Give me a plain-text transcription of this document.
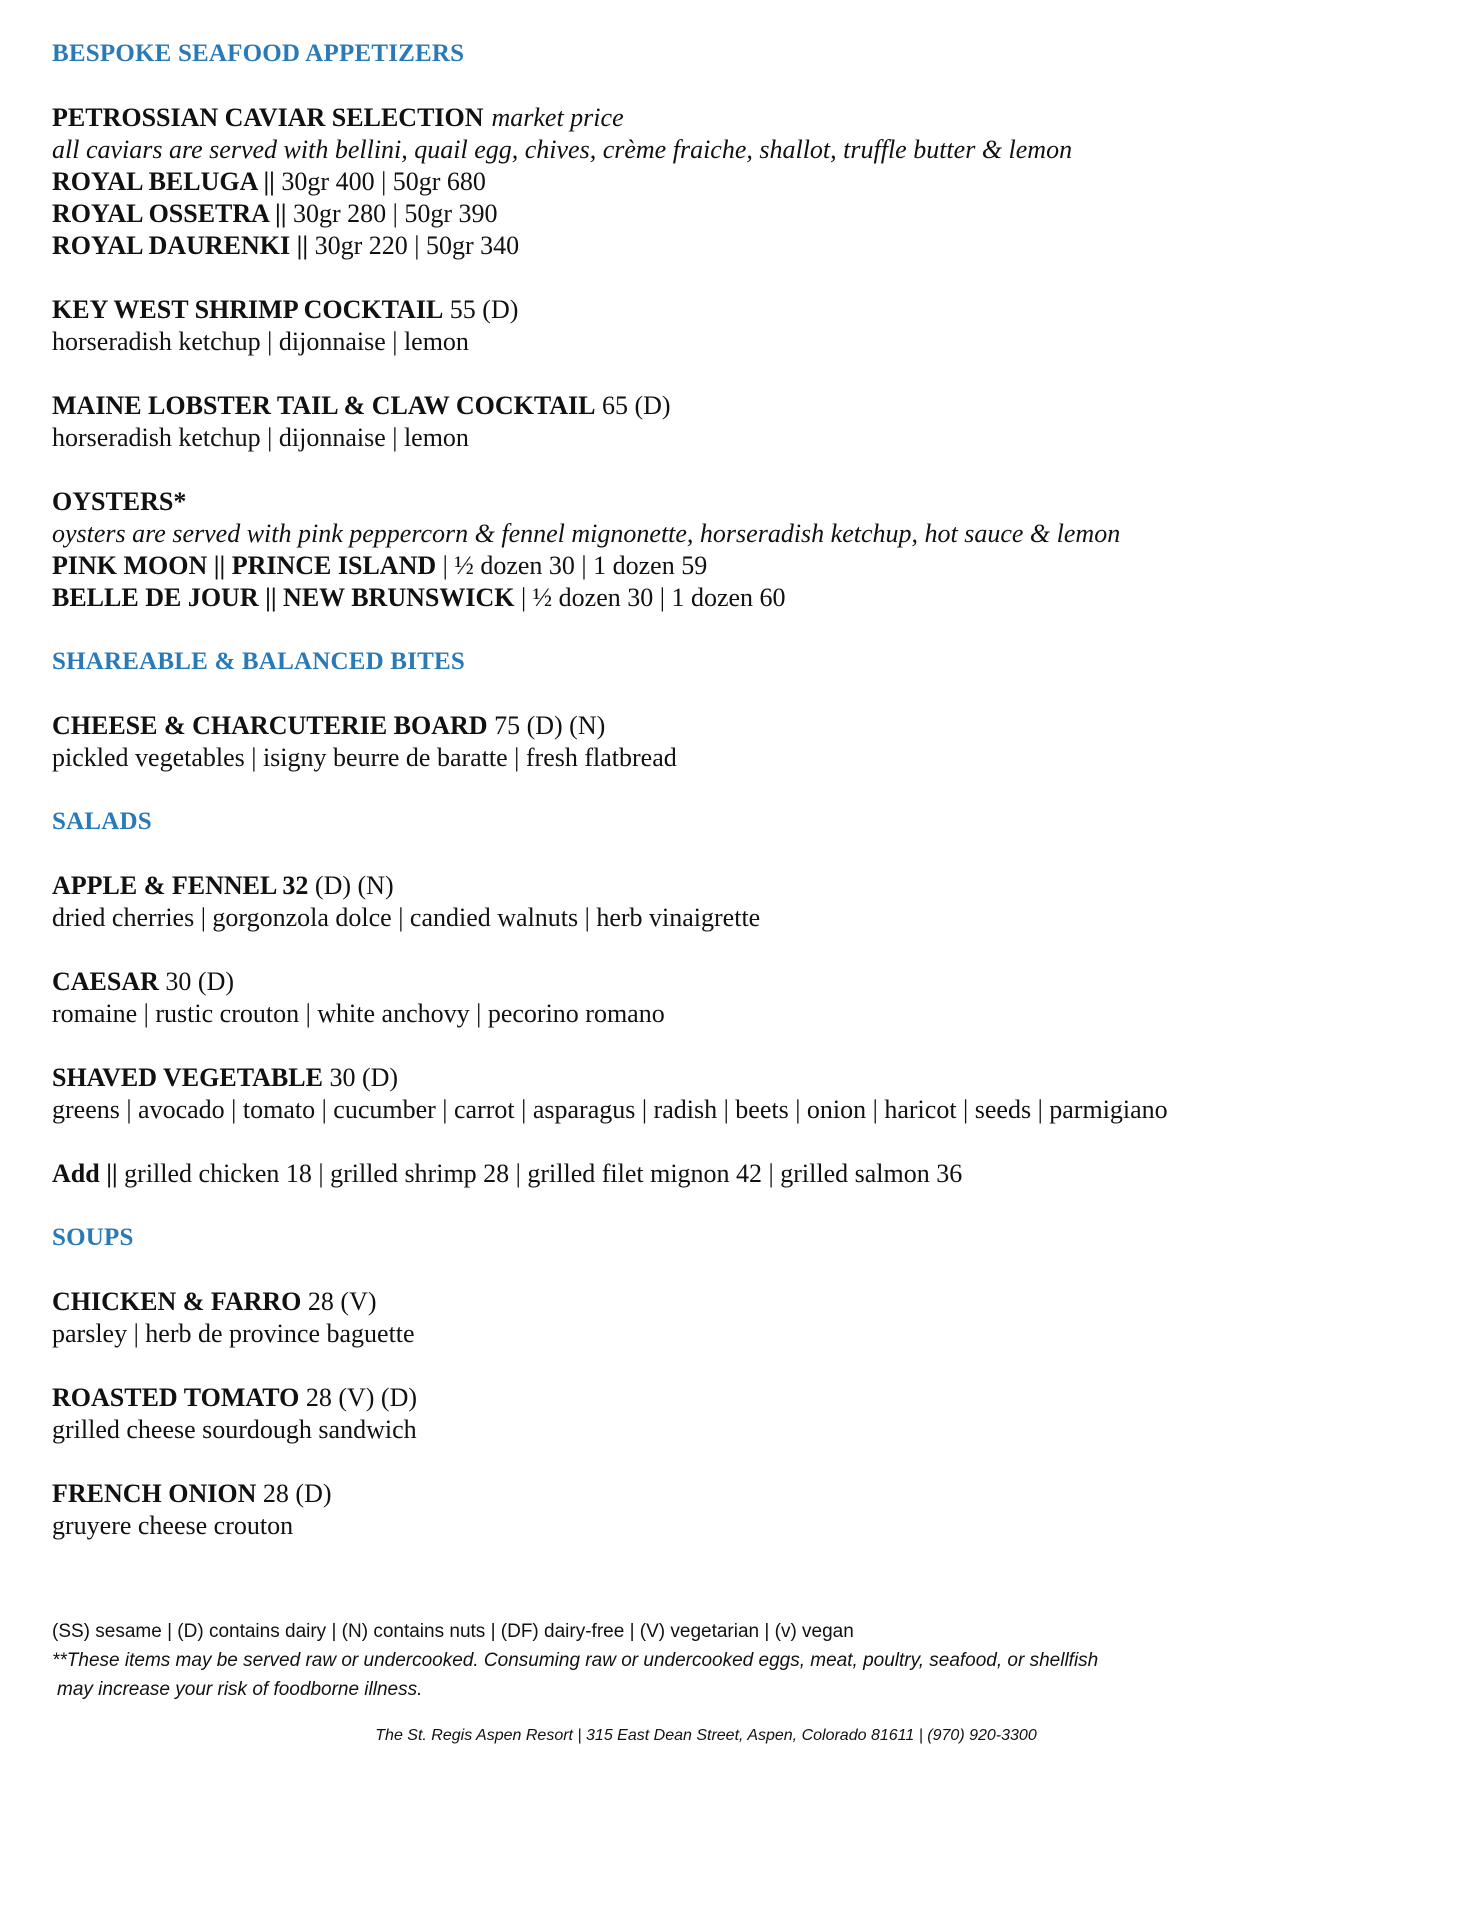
BESPOKE SEAFOOD APPETIZERS
PETROSSIAN CAVIAR SELECTION market price
all caviars are served with bellini, quail egg, chives, crème fraiche, shallot, truffle butter & lemon
ROYAL BELUGA || 30gr 400 | 50gr 680
ROYAL OSSETRA || 30gr 280 | 50gr 390
ROYAL DAURENKI || 30gr 220 | 50gr 340
KEY WEST SHRIMP COCKTAIL 55 (D)
horseradish ketchup | dijonnaise | lemon
MAINE LOBSTER TAIL & CLAW COCKTAIL 65 (D)
horseradish ketchup | dijonnaise | lemon
OYSTERS*
oysters are served with pink peppercorn & fennel mignonette, horseradish ketchup, hot sauce & lemon
PINK MOON || PRINCE ISLAND | ½ dozen 30 | 1 dozen 59
BELLE DE JOUR || NEW BRUNSWICK | ½ dozen 30 | 1 dozen 60
SHAREABLE & BALANCED BITES
CHEESE & CHARCUTERIE BOARD 75 (D) (N)
pickled vegetables | isigny beurre de baratte | fresh flatbread
SALADS
APPLE & FENNEL 32 (D) (N)
dried cherries | gorgonzola dolce | candied walnuts | herb vinaigrette
CAESAR 30 (D)
romaine | rustic crouton | white anchovy | pecorino romano
SHAVED VEGETABLE 30 (D)
greens | avocado | tomato | cucumber | carrot | asparagus | radish | beets | onion | haricot | seeds | parmigiano
Add || grilled chicken 18 | grilled shrimp 28 | grilled filet mignon 42 | grilled salmon 36
SOUPS
CHICKEN & FARRO 28 (V)
parsley | herb de province baguette
ROASTED TOMATO 28 (V) (D)
grilled cheese sourdough sandwich
FRENCH ONION 28 (D)
gruyere cheese crouton
(SS) sesame | (D) contains dairy | (N) contains nuts | (DF) dairy-free | (V) vegetarian | (v) vegan
**These items may be served raw or undercooked. Consuming raw or undercooked eggs, meat, poultry, seafood, or shellfish
may increase your risk of foodborne illness.
The St. Regis Aspen Resort | 315 East Dean Street, Aspen, Colorado 81611 | (970) 920-3300
